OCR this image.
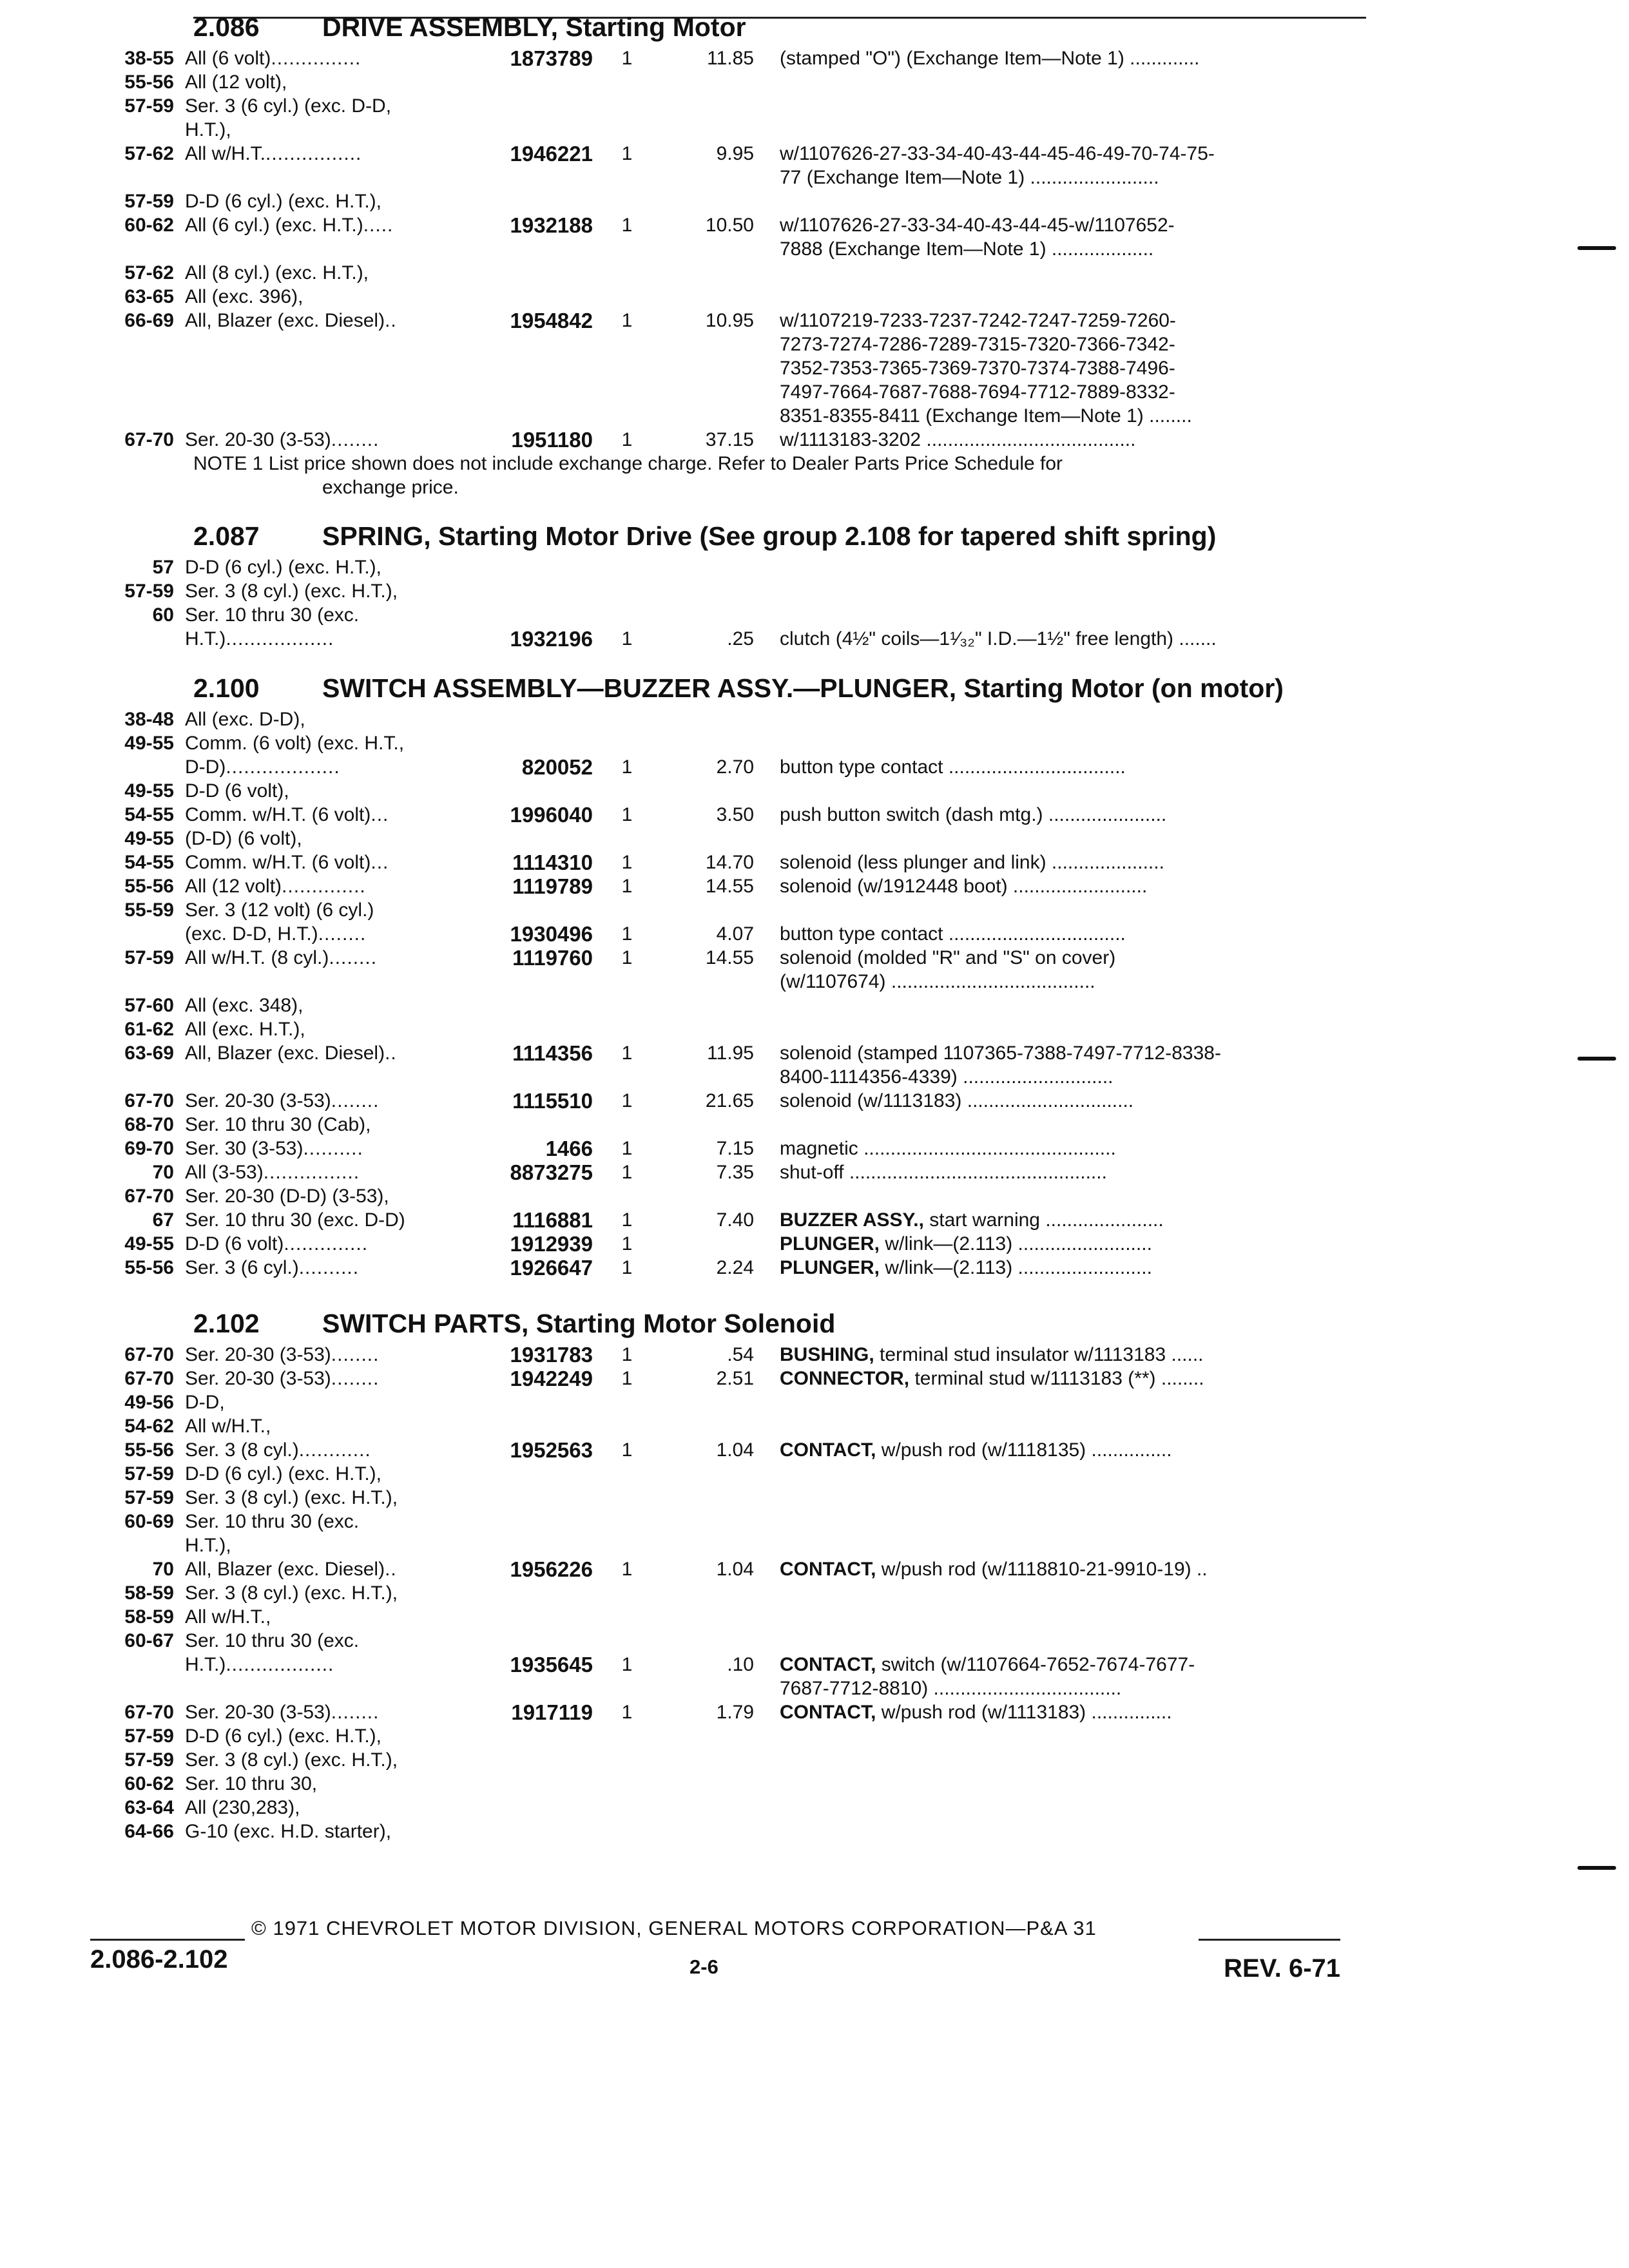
2.086	DRIVE ASSEMBLY, Starting Motor
38-55 All (6 volt)...............	1873789 1	11.85 (stamped "O") (Exchange Item—Note 1) .............
55-56 All (12 volt),
57-59 Ser. 3 (6 cyl.) (exc. D-D,
H.T.),
57-62 All w/H.T.................	1946221 1	9.95 w/1107626-27-33-34-40-43-44-45-46-49-70-74-75-
77 (Exchange Item—Note 1) ........................
57-59 D-D (6 cyl.) (exc. H.T.),
60-62 All (6 cyl.) (exc. H.T.).....	1932188 1	10.50 w/1107626-27-33-34-40-43-44-45-w/1107652-
7888 (Exchange Item—Note 1) ...................
57-62 All (8 cyl.) (exc. H.T.),
63-65 All (exc. 396),
66-69 All, Blazer (exc. Diesel)..	1954842 1	10.95 w/1107219-7233-7237-7242-7247-7259-7260-
7273-7274-7286-7289-7315-7320-7366-7342-
7352-7353-7365-7369-7370-7374-7388-7496-
7497-7664-7687-7688-7694-7712-7889-8332-
8351-8355-8411 (Exchange Item—Note 1) ........
67-70 Ser. 20-30 (3-53)........	1951180 1	37.15 w/1113183-3202 .......................................
NOTE 1 List price shown does not include exchange charge. Refer to Dealer Parts Price Schedule for
exchange price.
2.087	SPRING, Starting Motor Drive (See group 2.108 for tapered shift spring)
57 D-D (6 cyl.) (exc. H.T.),
57-59 Ser. 3 (8 cyl.) (exc. H.T.),
60 Ser. 10 thru 30 (exc.
H.T.)..................	1932196 1	.25 clutch (4½" coils—1¹⁄₃₂" I.D.—1½" free length) .......
2.100	SWITCH ASSEMBLY—BUZZER ASSY.—PLUNGER, Starting Motor (on motor)
38-48 All (exc. D-D),
49-55 Comm. (6 volt) (exc. H.T.,
D-D)...................	820052 1	2.70 button type contact .................................
49-55 D-D (6 volt),
54-55 Comm. w/H.T. (6 volt)...	1996040 1	3.50 push button switch (dash mtg.) ......................
49-55 (D-D) (6 volt),
54-55 Comm. w/H.T. (6 volt)...	1114310 1	14.70 solenoid (less plunger and link) .....................
55-56 All (12 volt)..............	1119789 1	14.55 solenoid (w/1912448 boot) .........................
55-59 Ser. 3 (12 volt) (6 cyl.)
(exc. D-D, H.T.)........	1930496 1	4.07 button type contact .................................
57-59 All w/H.T. (8 cyl.)........	1119760 1	14.55 solenoid (molded "R" and "S" on cover)
(w/1107674) ......................................
57-60 All (exc. 348),
61-62 All (exc. H.T.),
63-69 All, Blazer (exc. Diesel)..	1114356 1	11.95 solenoid (stamped 1107365-7388-7497-7712-8338-
8400-1114356-4339) ............................
67-70 Ser. 20-30 (3-53)........	1115510 1	21.65 solenoid (w/1113183) ...............................
68-70 Ser. 10 thru 30 (Cab),
69-70 Ser. 30 (3-53)..........	1466 1	7.15 magnetic ...............................................
70 All (3-53)................	8873275 1	7.35 shut-off ................................................
67-70 Ser. 20-30 (D-D) (3-53),
67 Ser. 10 thru 30 (exc. D-D)	1116881 1	7.40 BUZZER ASSY., start warning ......................
49-55 D-D (6 volt)..............	1912939 1	PLUNGER, w/link—(2.113) .........................
55-56 Ser. 3 (6 cyl.)..........	1926647 1	2.24 PLUNGER, w/link—(2.113) .........................
2.102	SWITCH PARTS, Starting Motor Solenoid
67-70 Ser. 20-30 (3-53)........	1931783 1	.54 BUSHING, terminal stud insulator w/1113183 ......
67-70 Ser. 20-30 (3-53)........	1942249 1	2.51 CONNECTOR, terminal stud w/1113183 (**) ........
49-56 D-D,
54-62 All w/H.T.,
55-56 Ser. 3 (8 cyl.)............	1952563 1	1.04 CONTACT, w/push rod (w/1118135) ...............
57-59 D-D (6 cyl.) (exc. H.T.),
57-59 Ser. 3 (8 cyl.) (exc. H.T.),
60-69 Ser. 10 thru 30 (exc.
H.T.),
70 All, Blazer (exc. Diesel)..	1956226 1	1.04 CONTACT, w/push rod (w/1118810-21-9910-19) ..
58-59 Ser. 3 (8 cyl.) (exc. H.T.),
58-59 All w/H.T.,
60-67 Ser. 10 thru 30 (exc.
H.T.)..................	1935645 1	.10 CONTACT, switch (w/1107664-7652-7674-7677-
7687-7712-8810) ...................................
67-70 Ser. 20-30 (3-53)........	1917119 1	1.79 CONTACT, w/push rod (w/1113183) ...............
57-59 D-D (6 cyl.) (exc. H.T.),
57-59 Ser. 3 (8 cyl.) (exc. H.T.),
60-62 Ser. 10 thru 30,
63-64 All (230,283),
64-66 G-10 (exc. H.D. starter),
© 1971 CHEVROLET MOTOR DIVISION, GENERAL MOTORS CORPORATION—P&A 31
2.086-2.102	2-6	REV. 6-71
